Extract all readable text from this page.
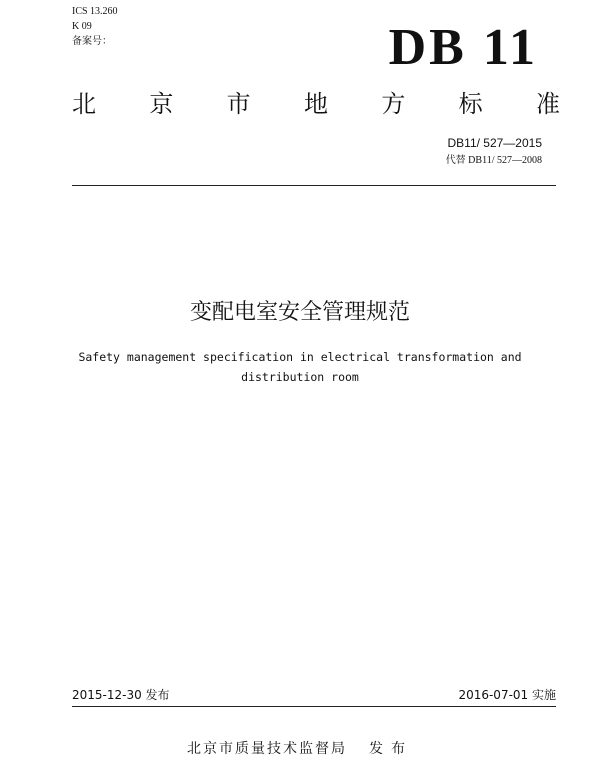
ICS 13.260
K 09
备案号：	DB 11
北 京 市 地 方 标 准
DB11/ 527—2015
代替 DB11/ 527—2008
变配电室安全管理规范
Safety management specification in electrical transformation and
distribution room
2015-12-30 发布	2016-07-01 实施
北京市质量技术监督局 发布
